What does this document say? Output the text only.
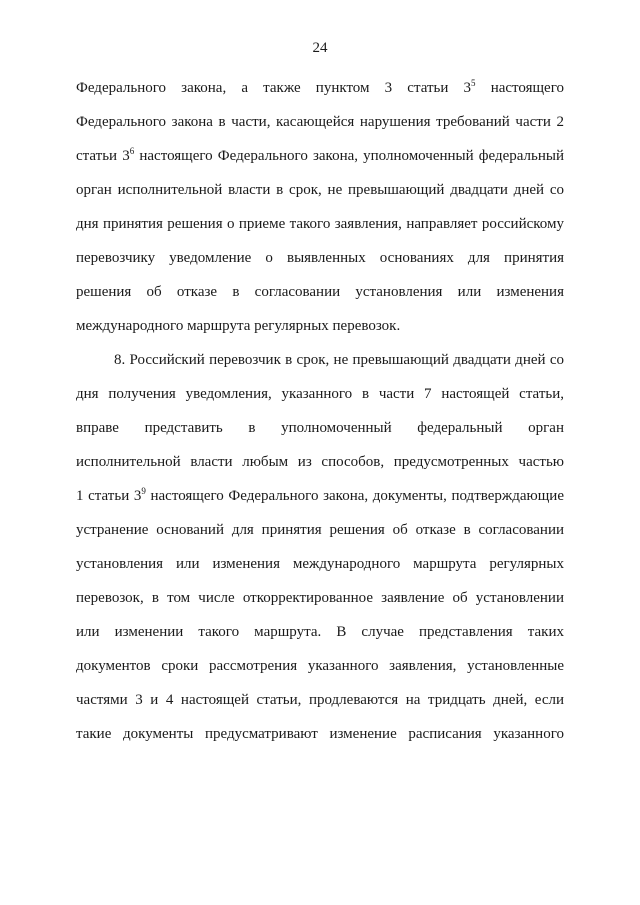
24
Федерального закона, а также пунктом 3 статьи $3^5$ настоящего
Федерального закона в части, касающейся нарушения требований части 2
статьи $3^6$ настоящего Федерального закона, уполномоченный федеральный
орган исполнительной власти в срок, не превышающий двадцати дней со
дня принятия решения о приеме такого заявления, направляет российскому
перевозчику уведомление о выявленных основаниях для принятия
решения об отказе в согласовании установления или изменения
международного маршрута регулярных перевозок.
8. Российский перевозчик в срок, не превышающий двадцати дней со
дня получения уведомления, указанного в части 7 настоящей статьи,
вправе представить в уполномоченный федеральный орган
исполнительной власти любым из способов, предусмотренных частью
1 статьи $3^9$ настоящего Федерального закона, документы, подтверждающие
устранение оснований для принятия решения об отказе в согласовании
установления или изменения международного маршрута регулярных
перевозок, в том числе откорректированное заявление об установлении
или изменении такого маршрута. В случае представления таких
документов сроки рассмотрения указанного заявления, установленные
частями 3 и 4 настоящей статьи, продлеваются на тридцать дней, если
такие документы предусматривают изменение расписания указанного
